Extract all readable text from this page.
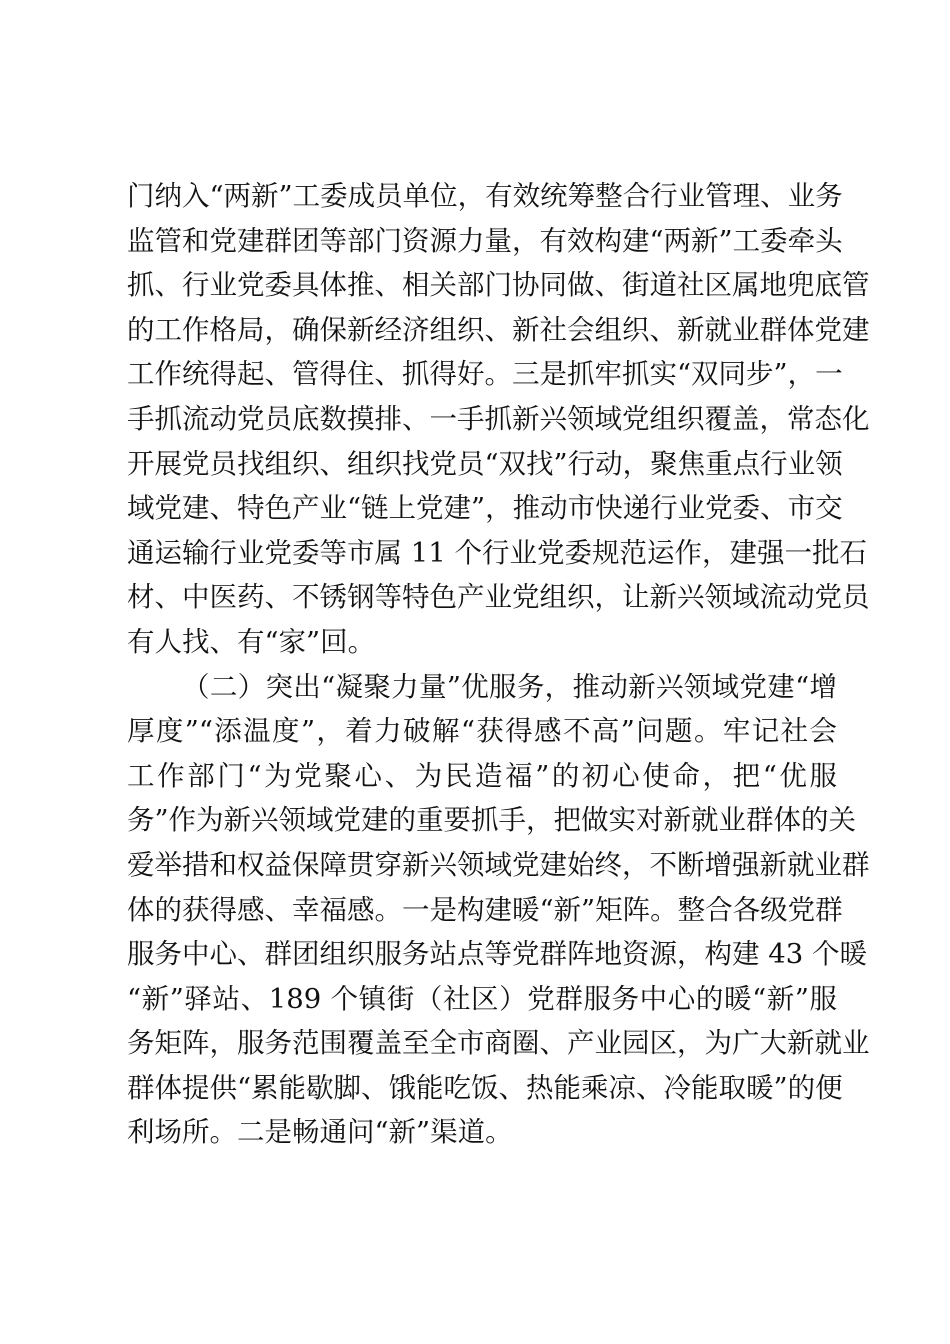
门纳入“两新”工委成员单位，有效统筹整合行业管理、业务
监管和党建群团等部门资源力量，有效构建“两新”工委牵头
抓、行业党委具体推、相关部门协同做、街道社区属地兜底管
的工作格局，确保新经济组织、新社会组织、新就业群体党建
工作统得起、管得住、抓得好。三是抓牢抓实“双同步”，一
手抓流动党员底数摸排、一手抓新兴领域党组织覆盖，常态化
开展党员找组织、组织找党员“双找”行动，聚焦重点行业领
域党建、特色产业“链上党建”，推动市快递行业党委、市交
通运输行业党委等市属 11 个行业党委规范运作，建强一批石
材、中医药、不锈钢等特色产业党组织，让新兴领域流动党员
有人找、有“家”回。
（二）突出“凝聚力量”优服务，推动新兴领域党建“增
厚度”“添温度”，着力破解“获得感不高”问题。牢记社会
工作部门“为党聚心、为民造福”的初心使命，把“优服
务”作为新兴领域党建的重要抓手，把做实对新就业群体的关
爱举措和权益保障贯穿新兴领域党建始终，不断增强新就业群
体的获得感、幸福感。一是构建暖“新”矩阵。整合各级党群
服务中心、群团组织服务站点等党群阵地资源，构建 43 个暖
“新”驿站、189 个镇街（社区）党群服务中心的暖“新”服
务矩阵，服务范围覆盖至全市商圈、产业园区，为广大新就业
群体提供“累能歇脚、饿能吃饭、热能乘凉、冷能取暖”的便
利场所。二是畅通问“新”渠道。
